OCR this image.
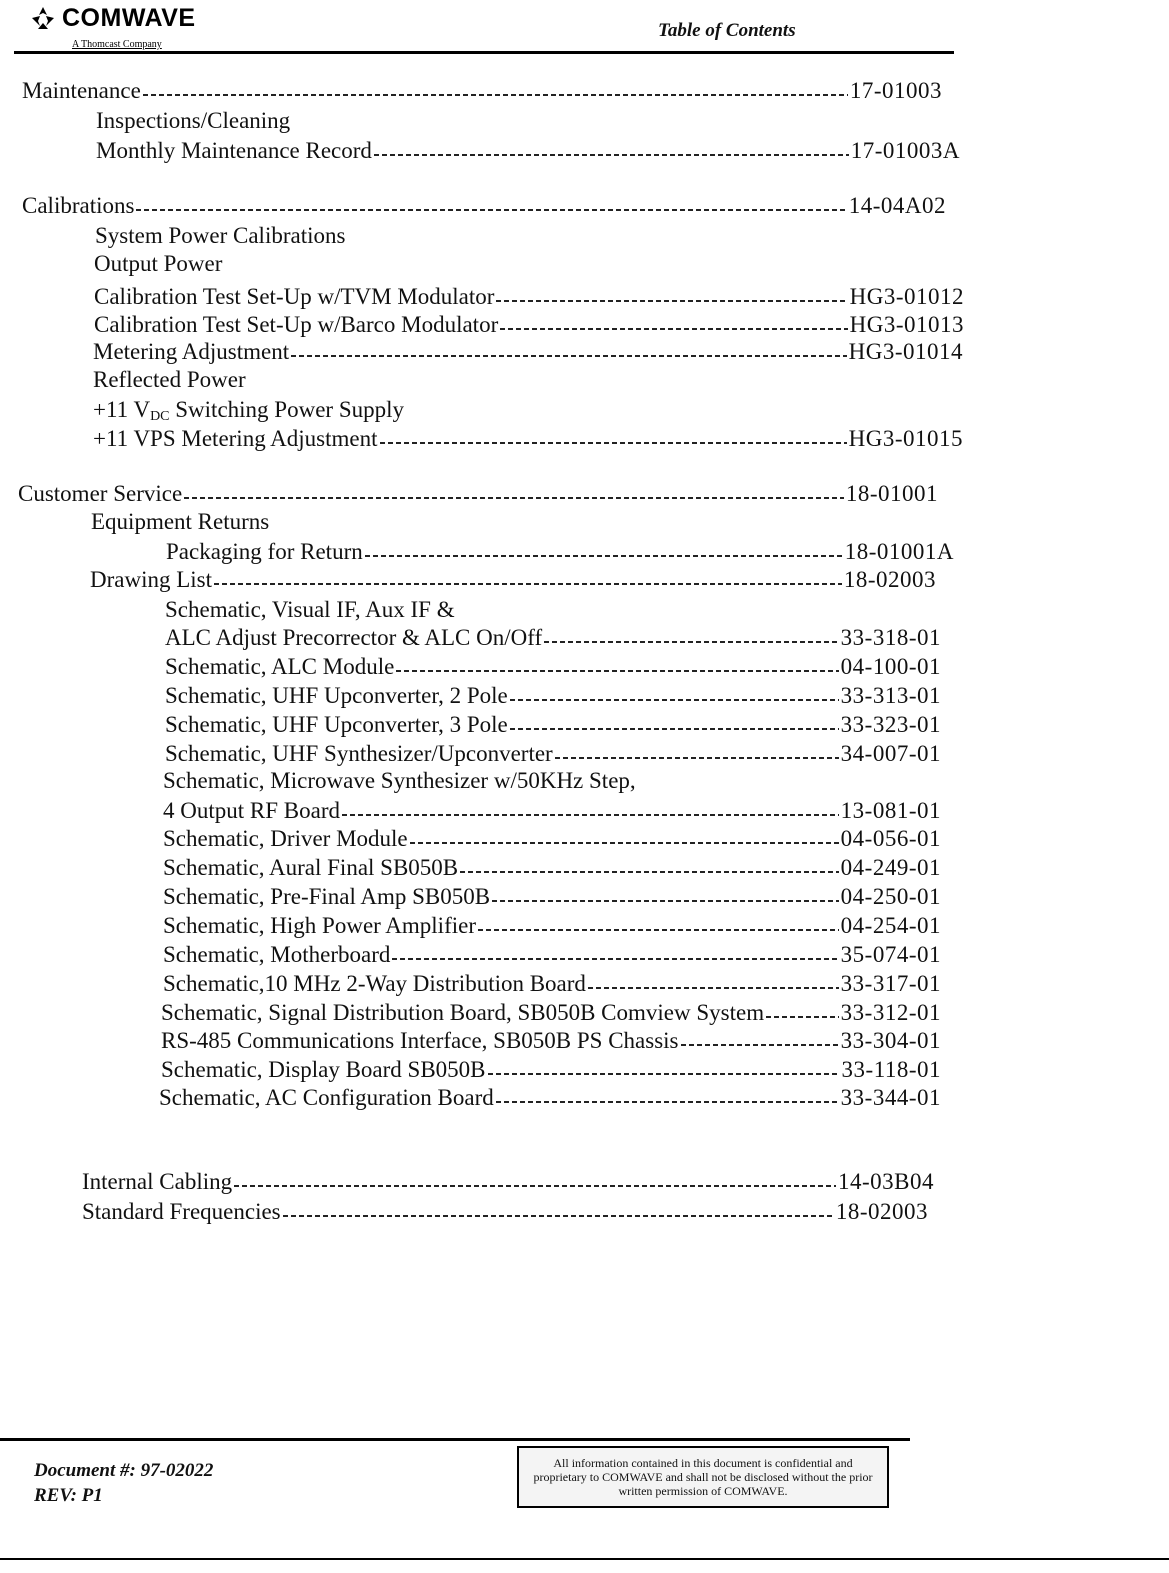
COMWAVE
A Thomcast Company
Table of Contents
Maintenance	17-01003
Inspections/Cleaning
Monthly Maintenance Record	17-01003A
Calibrations	14-04A02
System Power Calibrations
Output Power
Calibration Test Set-Up w/TVM Modulator	HG3-01012
Calibration Test Set-Up w/Barco Modulator	HG3-01013
Metering Adjustment	HG3-01014
Reflected Power
+11 $V_{DC}$ Switching Power Supply
+11 VPS Metering Adjustment	HG3-01015
Customer Service	18-01001
Equipment Returns
Packaging for Return	18-01001A
Drawing List	18-02003
Schematic, Visual IF, Aux IF &
ALC Adjust Precorrector & ALC On/Off	33-318-01
Schematic, ALC Module	04-100-01
Schematic, UHF Upconverter, 2 Pole	33-313-01
Schematic, UHF Upconverter, 3 Pole	33-323-01
Schematic, UHF Synthesizer/Upconverter	34-007-01
Schematic, Microwave Synthesizer w/50KHz Step,
4 Output RF Board	13-081-01
Schematic, Driver Module	04-056-01
Schematic, Aural Final SB050B	04-249-01
Schematic, Pre-Final Amp SB050B	04-250-01
Schematic, High Power Amplifier	04-254-01
Schematic, Motherboard	35-074-01
Schematic,10 MHz 2-Way Distribution Board	33-317-01
Schematic, Signal Distribution Board, SB050B Comview System	33-312-01
RS-485 Communications Interface, SB050B PS Chassis	33-304-01
Schematic, Display Board SB050B	33-118-01
Schematic, AC Configuration Board	33-344-01
Internal Cabling	14-03B04
Standard Frequencies	18-02003
Document #: 97-02022
REV: P1
All information contained in this document is confidential and proprietary to COMWAVE and shall not be disclosed without the prior written permission of COMWAVE.
